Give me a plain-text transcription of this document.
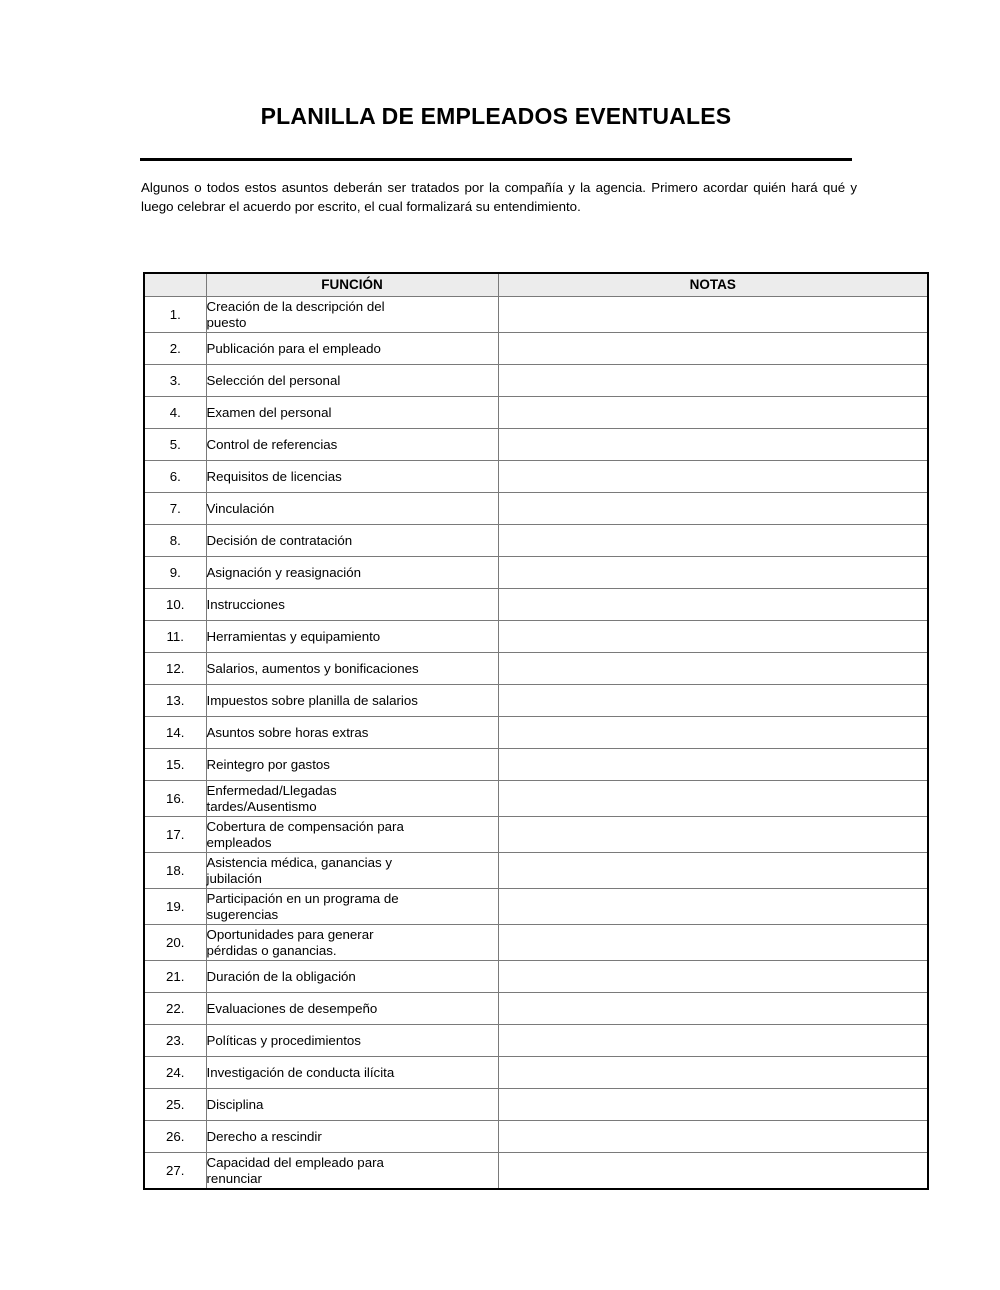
PLANILLA DE EMPLEADOS EVENTUALES
Algunos o todos estos asuntos deberán ser tratados por la compañía y la agencia. Primero acordar quién hará qué y luego celebrar el acuerdo por escrito, el cual formalizará su entendimiento.
	FUNCIÓN	NOTAS
1.	Creación de la descripción del
puesto	

2.	Publicación para el empleado	

3.	Selección del personal	

4.	Examen del personal	

5.	Control de referencias	

6.	Requisitos de licencias	

7.	Vinculación	

8.	Decisión de contratación	

9.	Asignación y reasignación	

10.	Instrucciones	

11.	Herramientas y equipamiento	

12.	Salarios, aumentos y bonificaciones	

13.	Impuestos sobre planilla de salarios	

14.	Asuntos sobre horas extras	

15.	Reintegro por gastos	

16.	Enfermedad/Llegadas
tardes/Ausentismo	

17.	Cobertura de compensación para
empleados	

18.	Asistencia médica, ganancias y
jubilación	

19.	Participación en un programa de
sugerencias	

20.	Oportunidades para generar
pérdidas o ganancias.	

21.	Duración de la obligación	

22.	Evaluaciones de desempeño	

23.	Políticas y procedimientos	

24.	Investigación de conducta ilícita	

25.	Disciplina	

26.	Derecho a rescindir	

27.	Capacidad del empleado para
renunciar	
